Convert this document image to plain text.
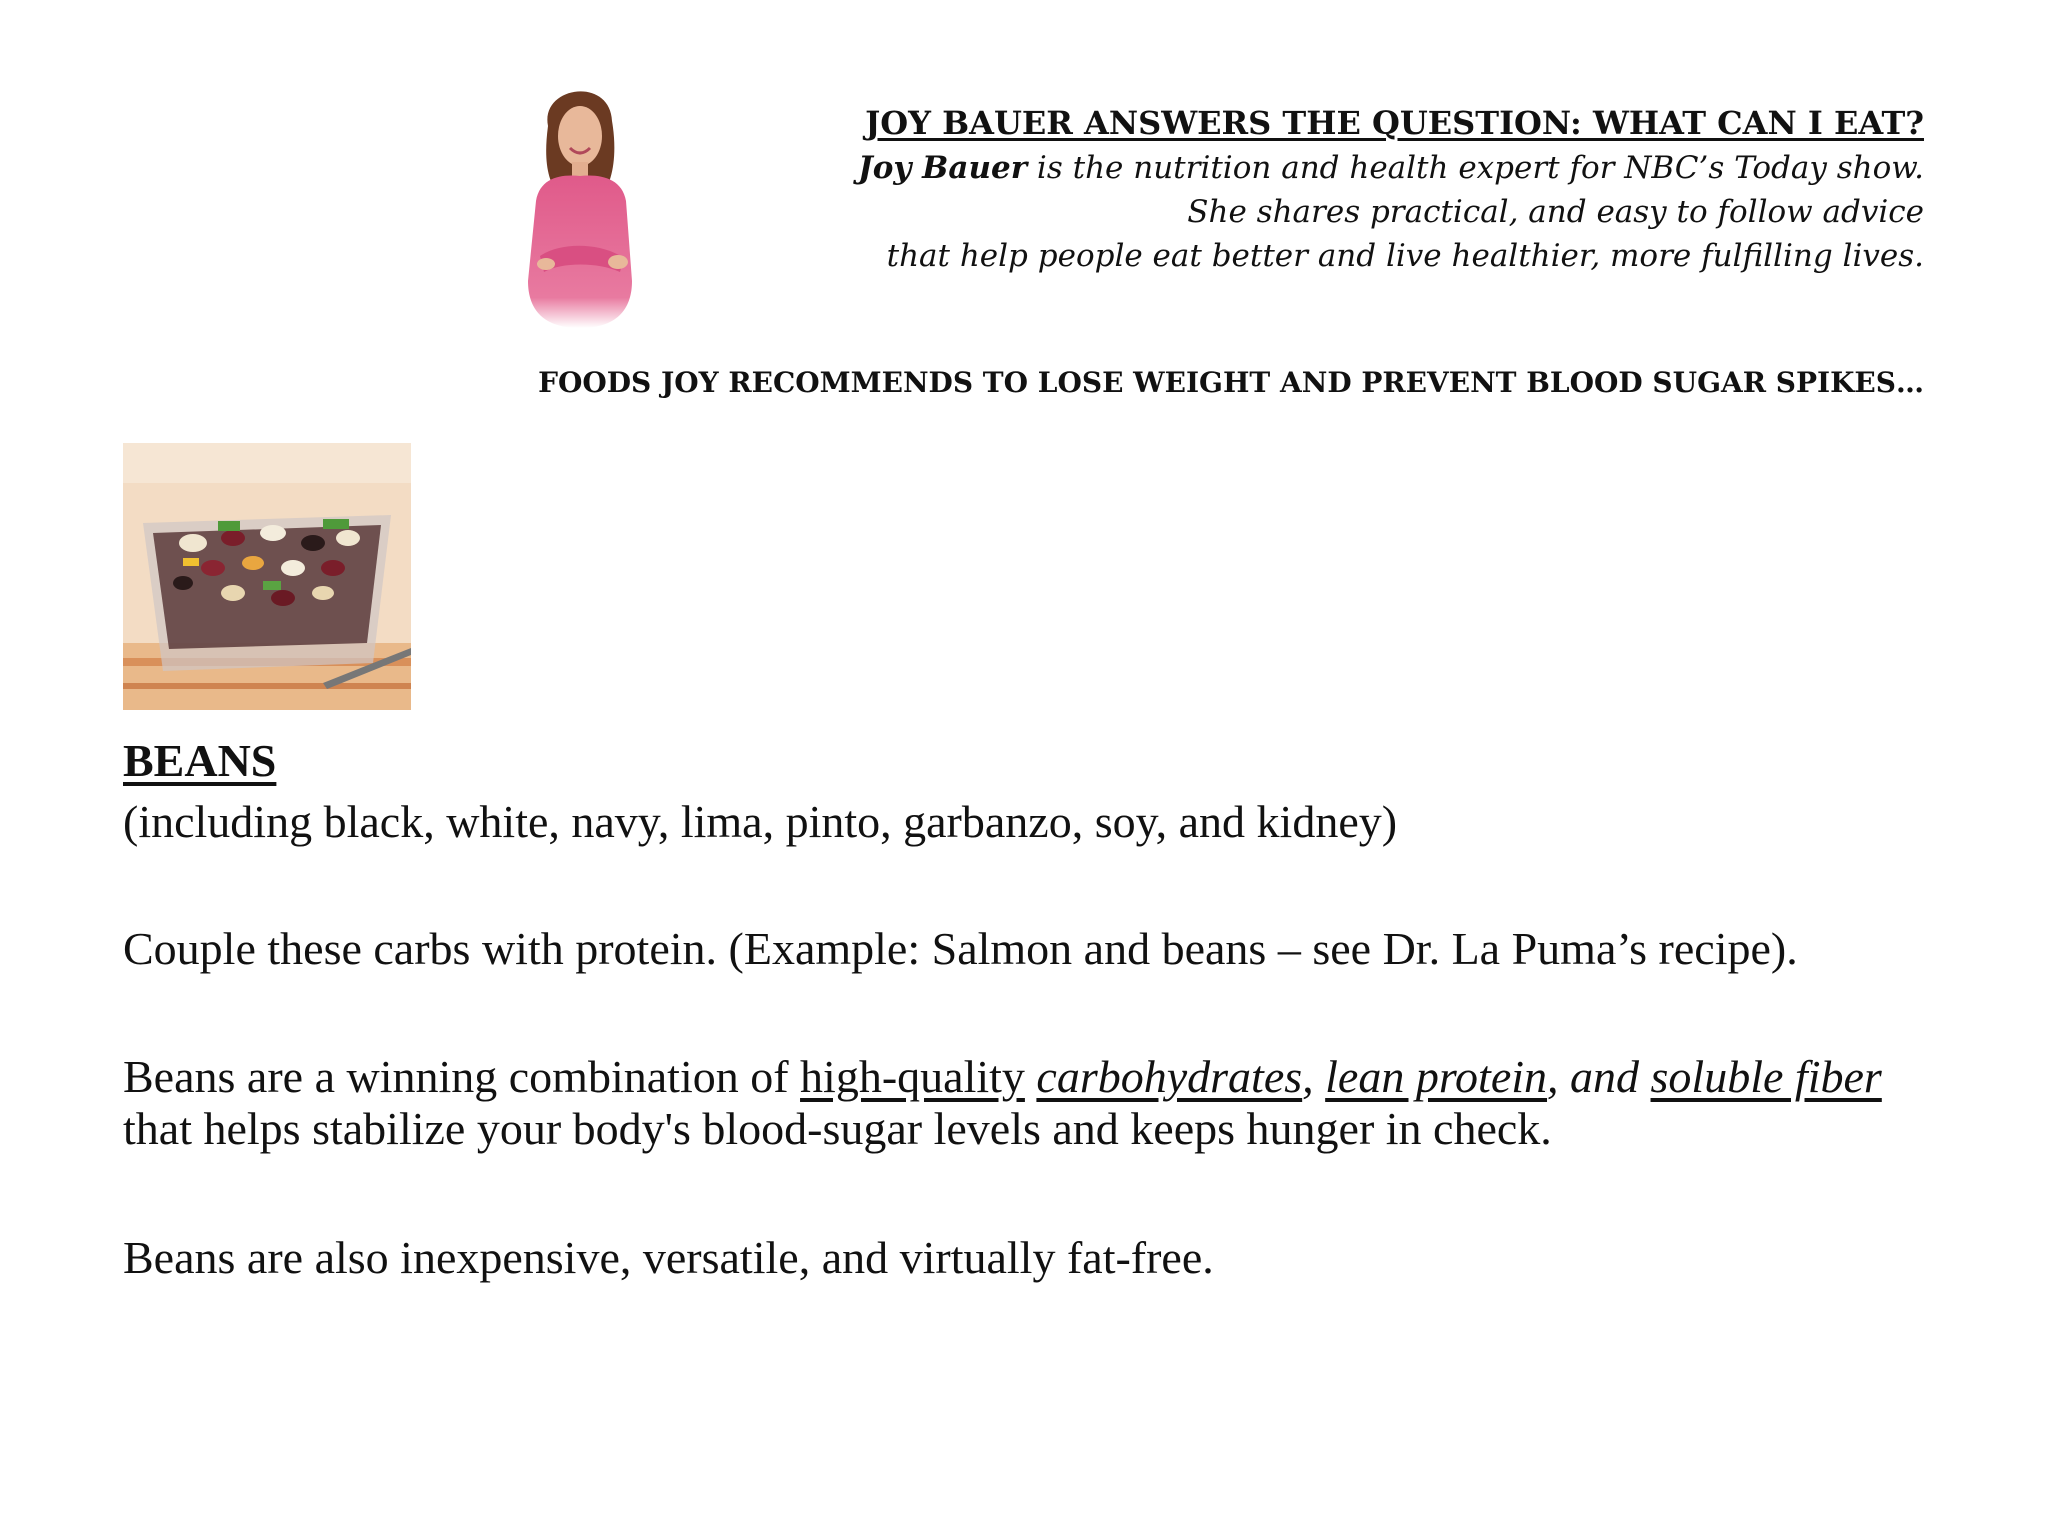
JOY BAUER ANSWERS THE QUESTION: WHAT CAN I EAT?
Joy Bauer is the nutrition and health expert for NBC’s Today show.
She shares practical, and easy to follow advice
that help people eat better and live healthier, more fulfilling lives.
FOODS JOY RECOMMENDS TO LOSE WEIGHT AND PREVENT BLOOD SUGAR SPIKES…
BEANS
(including black, white, navy, lima, pinto, garbanzo, soy, and kidney)
Couple these carbs with protein. (Example: Salmon and beans – see Dr. La Puma’s recipe).
Beans are a winning combination of high-quality carbohydrates, lean protein, and soluble fiber that helps stabilize your body's blood-sugar levels and keeps hunger in check.
Beans are also inexpensive, versatile, and virtually fat-free.
